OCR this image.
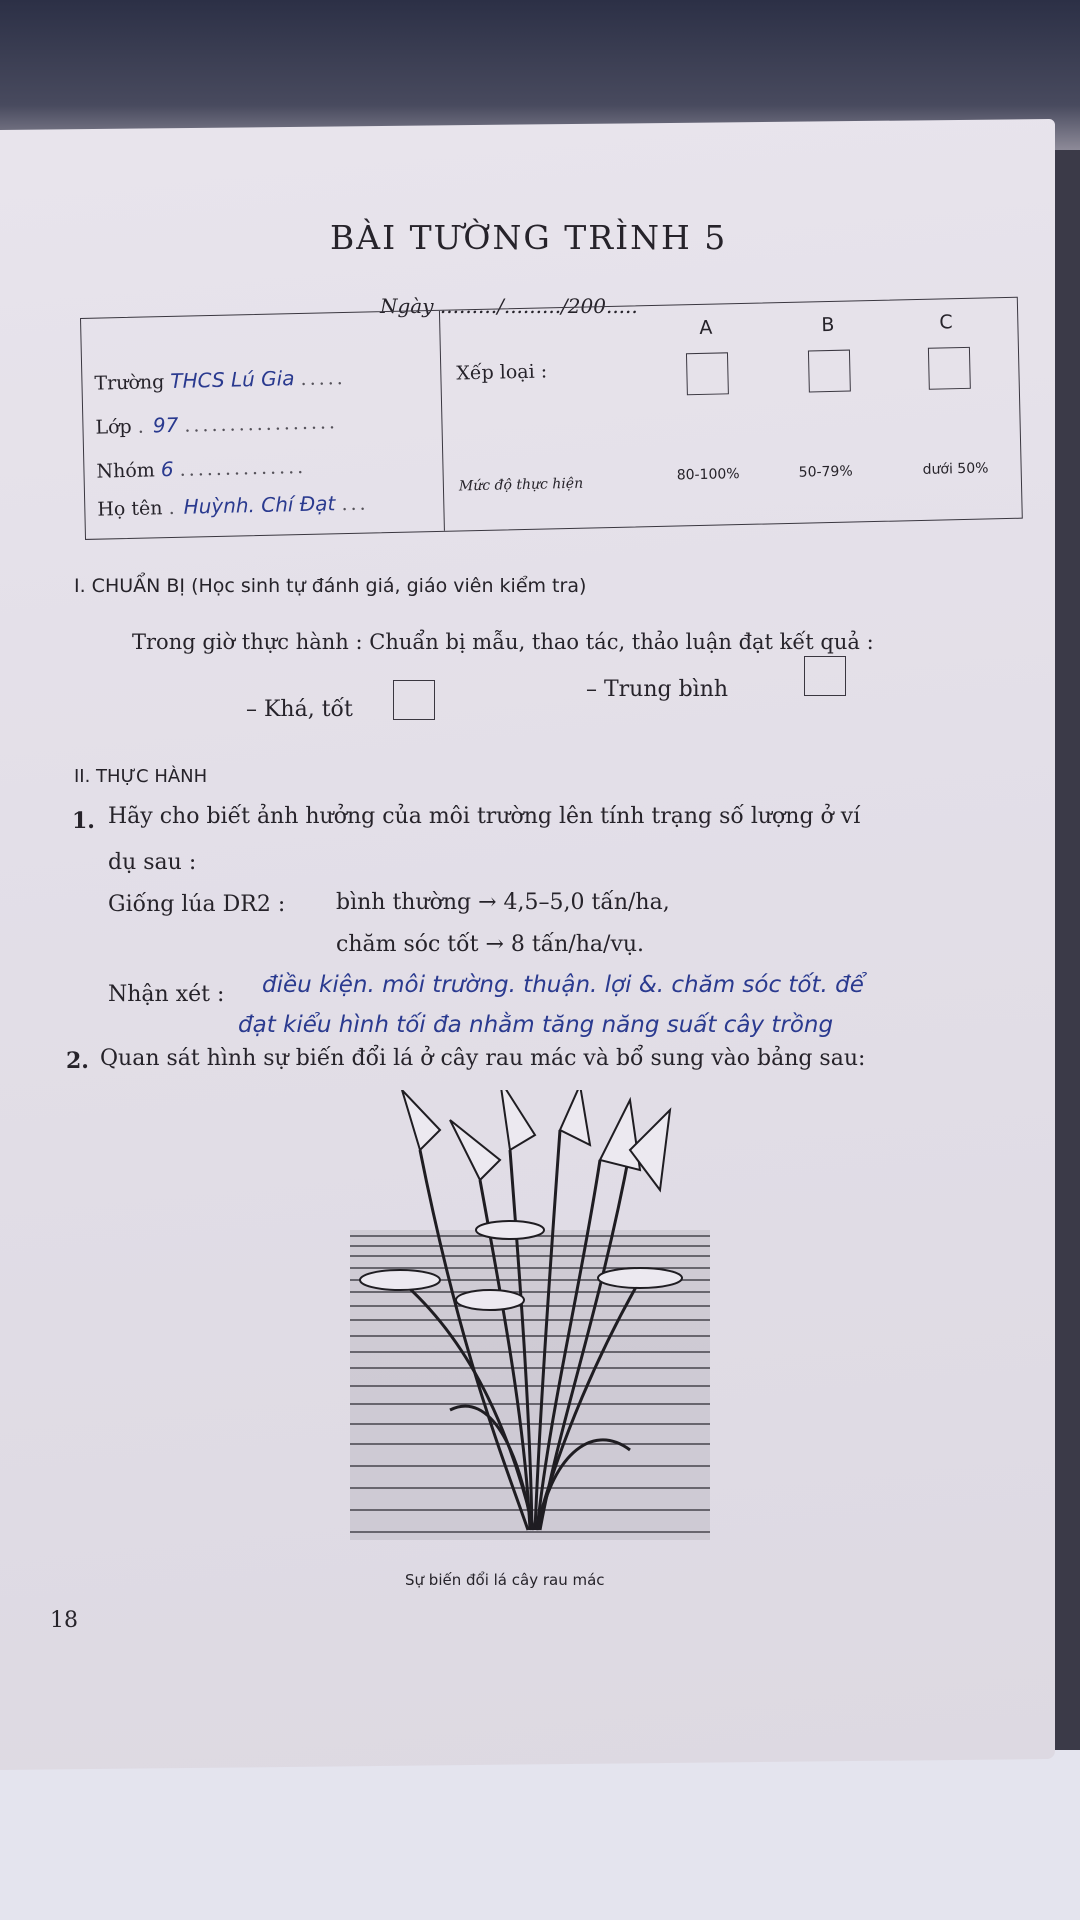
BÀI TƯỜNG TRÌNH 5
Ngày ........./........./200.....
Trường THCS Lú Gia .....
Lớp . 97 .................
Nhóm 6 ..............
Họ tên . Huỳnh. Chí Đạt ...
Xếp loại :
Mức độ thực hiện
A
80-100%
B
50-79%
C
dưới 50%
I. CHUẨN BỊ (Học sinh tự đánh giá, giáo viên kiểm tra)
Trong giờ thực hành : Chuẩn bị mẫu, thao tác, thảo luận đạt kết quả :
– Khá, tốt
– Trung bình
II. THỰC HÀNH
1. Hãy cho biết ảnh hưởng của môi trường lên tính trạng số lượng ở ví
dụ sau :
Giống lúa DR2 : bình thường → 4,5–5,0 tấn/ha,
chăm sóc tốt → 8 tấn/ha/vụ.
Nhận xét : điều kiện. môi trường. thuận. lợi &. chăm sóc tốt. để
đạt kiểu hình tối đa nhằm tăng năng suất cây trồng
2. Quan sát hình sự biến đổi lá ở cây rau mác và bổ sung vào bảng sau:
Sự biến đổi lá cây rau mác
18
